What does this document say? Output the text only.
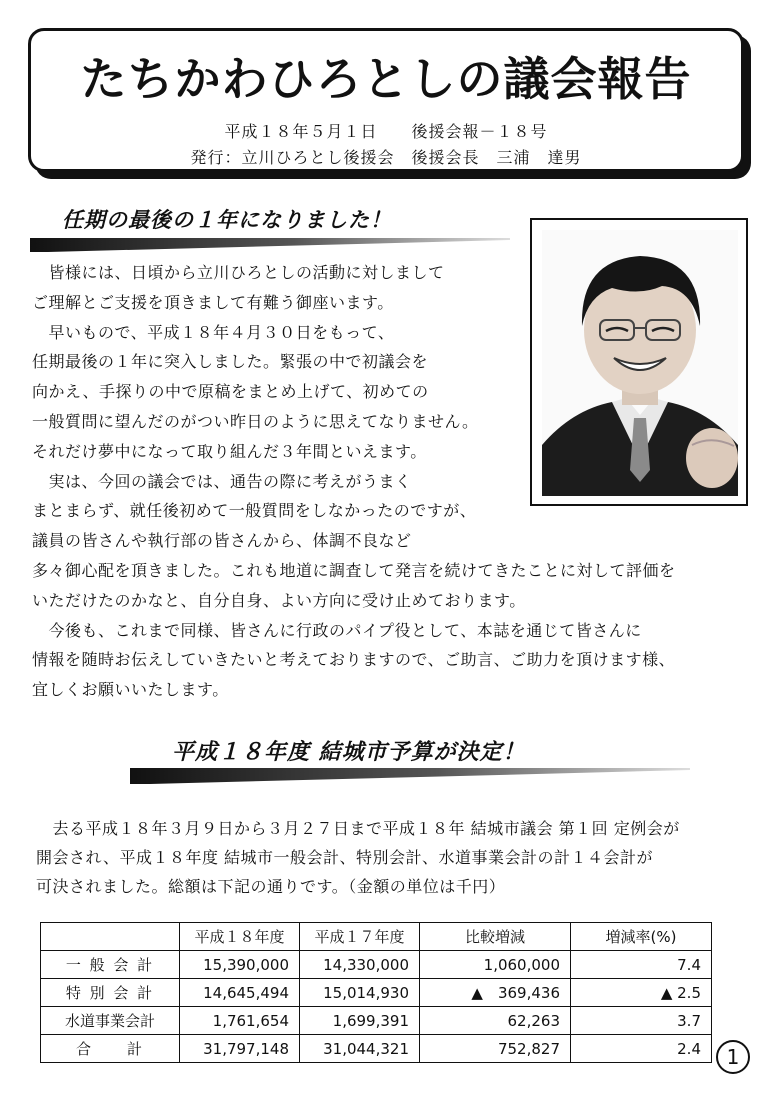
たちかわひろとしの議会報告
平成１８年５月１日　　後援会報－１８号
発行：立川ひろとし後援会　後援会長　三浦　達男
任期の最後の１年になりました！

　皆様には、日頃から立川ひろとしの活動に対しまして

ご理解とご支援を頂きまして有難う御座います。

　早いもので、平成１８年４月３０日をもって、

任期最後の１年に突入しました。緊張の中で初議会を

向かえ、手探りの中で原稿をまとめ上げて、初めての

一般質問に望んだのがつい昨日のように思えてなりません。

それだけ夢中になって取り組んだ３年間といえます。

　実は、今回の議会では、通告の際に考えがうまく

まとまらず、就任後初めて一般質問をしなかったのですが、

議員の皆さんや執行部の皆さんから、体調不良など

多々御心配を頂きました。これも地道に調査して発言を続けてきたことに対して評価を

いただけたのかなと、自分自身、よい方向に受け止めております。

　今後も、これまで同様、皆さんに行政のパイプ役として、本誌を通じて皆さんに

情報を随時お伝えしていきたいと考えておりますので、ご助言、ご助力を頂けます様、

宜しくお願いいたします。

平成１８年度 結城市予算が決定！

　去る平成１８年３月９日から３月２７日まで平成１８年 結城市議会 第１回 定例会が

開会され、平成１８年度 結城市一般会計、特別会計、水道事業会計の計１４会計が

可決されました。総額は下記の通りです。（金額の単位は千円）

	平成１８年度	平成１７年度	比較増減	増減率(%)
一 般 会 計	15,390,000	14,330,000	1,060,000	7.4
特 別 会 計	14,645,494	15,014,930	▲　369,436	▲ 2.5
水道事業会計	1,761,654	1,699,391	62,263	3.7
合　　計	31,797,148	31,044,321	752,827	2.4	1
